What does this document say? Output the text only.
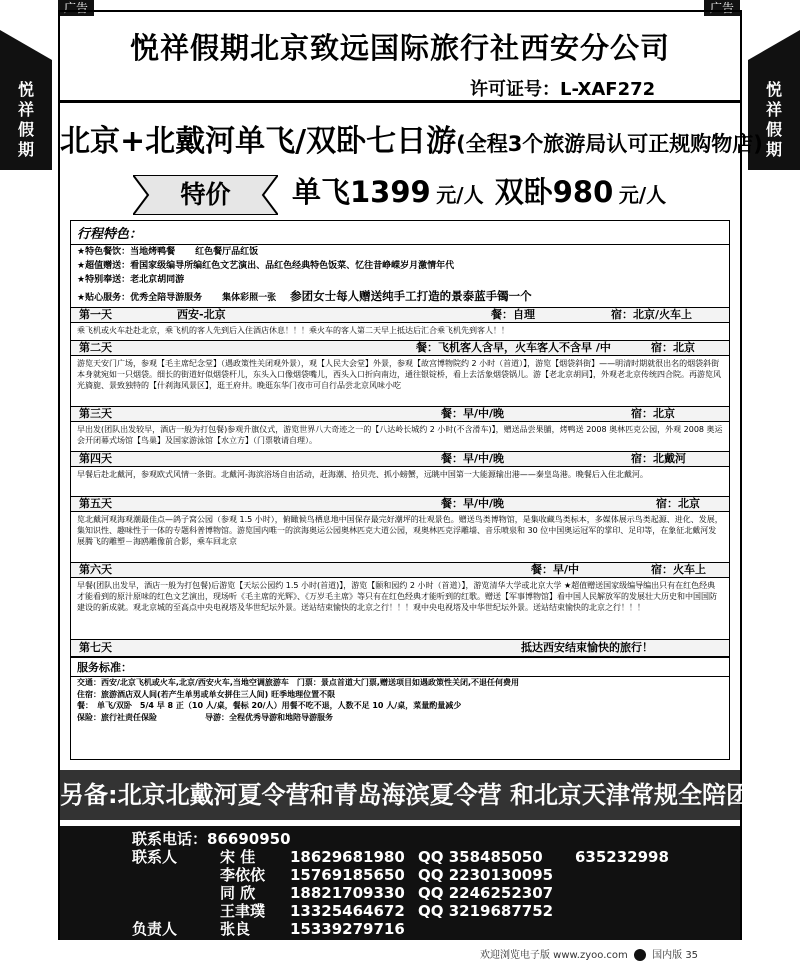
广告	广告
悦
祥
假
期
悦
祥
假
期
悦祥假期北京致远国际旅行社西安分公司
许可证号：L-XAF272
北京+北戴河单飞/双卧七日游(全程3个旅游局认可正规购物店)
特价	单飞1399 元/人 双卧980 元/人
行程特色：
★特色餐饮：当地烤鸭餐 红色餐厅品红饭
★超值赠送：看国家级编导所编红色文艺演出、品红色经典特色饭菜、忆往昔峥嵘岁月激情年代
★特别奉送：老北京胡同游
★贴心服务：优秀全陪导游服务 集体彩照一张 参团女士每人赠送纯手工打造的景泰蓝手镯一个
第一天	西安-北京	餐：自理	宿：北京/火车上
乘飞机或火车赴赴北京，乘飞机的客人先到后入住酒店休息！！！乘火车的客人第二天早上抵达后汇合乘飞机先到客人！！
第二天	餐：飞机客人含早，火车客人不含早 /中	宿：北京
游览天安门广场，参观【毛主席纪念堂】（遇政策性关闭观外景），观【人民大会堂】外景，参观【故宫博物院约 2 小时（首道）】，游览【烟袋斜街】——明清时期就很出名的烟袋斜街本身就宛如一只烟袋。细长的街道好似烟袋杆儿，东头入口像烟袋嘴儿，西头入口折向南边，通往银锭桥，看上去活象烟袋锅儿。游【老北京胡同】，外观老北京传统四合院。再游览风光旖旎、景致独特的【什刹海风景区】，逛王府井。晚逛东华门夜市可自行品尝北京风味小吃
第三天	餐：早/中/晚	宿：北京
早出发(团队出发较早，酒店一般为打包餐)参观升旗仪式，游览世界八大奇迹之一的【八达岭长城约 2 小时(不含滑车)】，赠送品尝果脯，烤鸭送 2008 奥林匹克公园，外观 2008 奥运会开闭幕式场馆【鸟巢】及国家游泳馆【水立方】（门票敬请自理）。
第四天	餐：早/中/晚	宿：北戴河
早餐后赴北戴河，参观欧式风情一条街。北戴河-海滨浴场自由活动，赶海潮、拾贝壳、抓小螃蟹，远眺中国第一大能源输出港——秦皇岛港。晚餐后入住北戴河。
第五天	餐：早/中/晚	宿：北京
览北戴河观海观潮最佳点—鸽子窝公园（参观 1.5 小时），俯瞰候鸟栖息地中国保存最完好潮坪的壮观景色。赠送鸟类博物馆，是集收藏鸟类标本，多媒体展示鸟类起源、进化、发展，集知识性、趣味性于一体的专题科普博物馆。游览国内唯一的滨海奥运公园奥林匹克大道公园，观奥林匹克浮雕墙、音乐喷泉和 30 位中国奥运冠军的掌印、足印等，在象征北戴河发展腾飞的雕塑－海鸥雕像前合影，乘车回北京
第六天	餐：早/中	宿：火车上
早餐(团队出发早，酒店一般为打包餐)后游览【天坛公园约 1.5 小时(首道)】，游览【颐和园约 2 小时（首道）】，游览清华大学或北京大学 ★超值赠送国家级编导编出只有在红色经典才能看到的原汁原味的红色文艺演出，现场听《毛主席的光辉》、《万岁毛主席》等只有在红色经典才能听到的红歌。赠送【军事博物馆】看中国人民解放军的发展壮大历史和中国国防建设的新成就。观北京城的至高点中央电视塔及华世纪坛外景。送站结束愉快的北京之行！！！观中央电视塔及中华世纪坛外景。送站结束愉快的北京之行！！！
第七天	抵达西安结束愉快的旅行！
服务标准：
交通：西安/北京飞机或火车,北京/西安火车,当地空调旅游车　门票：景点首道大门票,赠送项目如遇政策性关闭,不退任何费用
住宿：旅游酒店双人间(若产生单男或单女拼住三人间) 旺季地理位置不限
餐：　单飞/双卧　5/4 早 8 正（10 人/桌，餐标 20/人）用餐不吃不退，人数不足 10 人/桌，菜量酌量减少
保险：旅行社责任保险　　　　　　导游：全程优秀导游和地陪导游服务
另备:北京北戴河夏令营和青岛海滨夏令营 和北京天津常规全陪团!
联系电话：86690950
联系人	宋 佳 18629681980 QQ 358485050 635232998
李依依 15769185650 QQ 2230130095
同 欣 18821709330 QQ 2246252307
王聿璞 13325464672 QQ 3219687752
负责人	张良	15339279716
欢迎浏览电子版 www.zyoo.com 国内版 35
